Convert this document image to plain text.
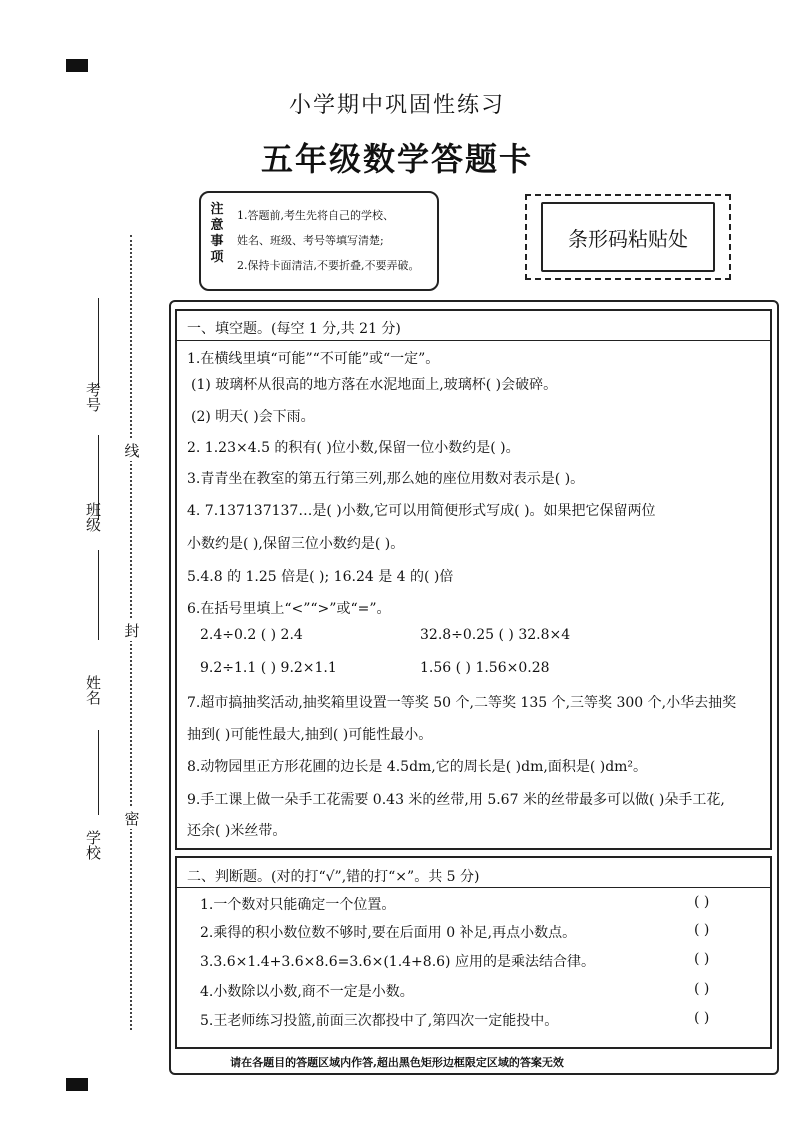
小学期中巩固性练习
五年级数学答题卡
注意事项
1.答题前,考生先将自己的学校、
姓名、班级、考号等填写清楚;
2.保持卡面清洁,不要折叠,不要弄破。
条形码粘贴处
考号
班级
姓名
学校
线
封
密
一、填空题。(每空 1 分,共 21 分)
1.在横线里填“可能”“不可能”或“一定”。
(1) 玻璃杯从很高的地方落在水泥地面上,玻璃杯( )会破碎。
(2) 明天( )会下雨。
2. 1.23×4.5 的积有( )位小数,保留一位小数约是( )。
3.青青坐在教室的第五行第三列,那么她的座位用数对表示是( )。
4. 7.137137137…是( )小数,它可以用简便形式写成( )。如果把它保留两位
小数约是( ),保留三位小数约是( )。
5.4.8 的 1.25 倍是( ); 16.24 是 4 的( )倍
6.在括号里填上“<”“>”或“=”。
2.4÷0.2 ( ) 2.4	32.8÷0.25 ( ) 32.8×4
9.2÷1.1 ( ) 9.2×1.1	1.56 ( ) 1.56×0.28
7.超市搞抽奖活动,抽奖箱里设置一等奖 50 个,二等奖 135 个,三等奖 300 个,小华去抽奖
抽到( )可能性最大,抽到( )可能性最小。
8.动物园里正方形花圃的边长是 4.5dm,它的周长是( )dm,面积是( )dm²。
9.手工课上做一朵手工花需要 0.43 米的丝带,用 5.67 米的丝带最多可以做( )朵手工花,
还余( )米丝带。
二、判断题。(对的打“√”,错的打“×”。共 5 分)
1.一个数对只能确定一个位置。	( )
2.乘得的积小数位数不够时,要在后面用 0 补足,再点小数点。	( )
3.3.6×1.4+3.6×8.6=3.6×(1.4+8.6) 应用的是乘法结合律。	( )
4.小数除以小数,商不一定是小数。	( )
5.王老师练习投篮,前面三次都投中了,第四次一定能投中。	( )
请在各题目的答题区域内作答,超出黑色矩形边框限定区域的答案无效
